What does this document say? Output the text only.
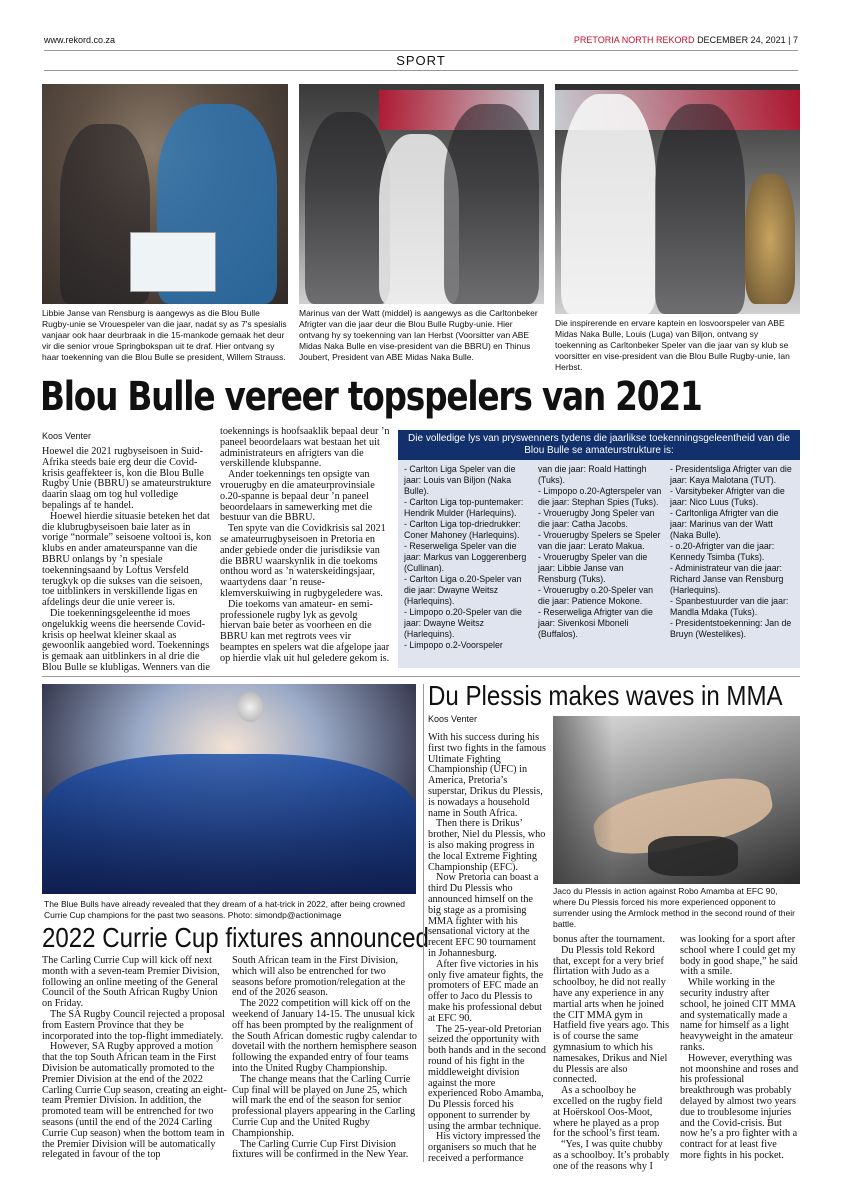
www.rekord.co.za	PRETORIA NORTH REKORD DECEMBER 24, 2021 | 7
SPORT
Libbie Janse van Rensburg is aangewys as die Blou Bulle Rugby-unie se Vrouespeler van die jaar, nadat sy as 7's spesialis vanjaar ook haar deurbraak in die 15-mankode gemaak het deur vir die senior vroue Springbokspan uit te draf. Hier ontvang sy haar toekenning van die Blou Bulle se president, Willem Strauss.
Marinus van der Watt (middel) is aangewys as die Carltonbeker Afrigter van die jaar deur die Blou Bulle Rugby-unie. Hier ontvang hy sy toekenning van Ian Herbst (Voorsitter van ABE Midas Naka Bulle en vise-president van die BBRU) en Thinus Joubert, President van ABE Midas Naka Bulle.
Die inspirerende en ervare kaptein en losvoorspeler van ABE Midas Naka Bulle, Louis (Luga) van Biljon, ontvang sy toekenning as Carltonbeker Speler van die jaar van sy klub se voorsitter en vise-president van die Blou Bulle Rugby-unie, Ian Herbst.
Blou Bulle vereer topspelers van 2021
Koos Venter

Hoewel die 2021 rugbyseisoen in Suid-Afrika steeds baie erg deur die Covid-krisis geaffekteer is, kon die Blou Bulle Rugby Unie (BBRU) se amateurstrukture daarin slaag om tog hul volledige bepalings af te handel.

Hoewel hierdie situasie beteken het dat die klubrugbyseisoen baie later as in vorige “normale” seisoene voltooi is, kon klubs en ander amateurspanne van die BBRU onlangs by ’n spesiale toekenningsaand by Loftus Versfeld terugkyk op die sukses van die seisoen, toe uitblinkers in verskillende ligas en afdelings deur die unie vereer is.

Die toekenningsgeleenthe id moes ongelukkig weens die heersende Covid-krisis op heelwat kleiner skaal as gewoonlik aangebied word. Toekennings is gemaak aan uitblinkers in al drie die Blou Bulle se klubligas. Wenners van die

toekennings is hoofsaaklik bepaal deur ’n paneel beoordelaars wat bestaan het uit administrateurs en afrigters van die verskillende klubspanne.

Ander toekennings ten opsigte van vrouerugby en die amateurprovinsiale o.20-spanne is bepaal deur ’n paneel beoordelaars in samewerking met die bestuur van die BBRU.

Ten spyte van die Covidkrisis sal 2021 se amateurrugbyseisoen in Pretoria en ander gebiede onder die jurisdiksie van die BBRU waarskynlik in die toekoms onthou word as ’n waterskeidingsjaar, waartydens daar ’n reuse-klemverskuiwing in rugbygeledere was.

Die toekoms van amateur- en semi-professionele rugby lyk as gevolg hiervan baie beter as voorheen en die BBRU kan met regtrots vees vir beamptes en spelers wat die afgelope jaar op hierdie vlak uit hul geledere gekom is.

Die volledige lys van pryswenners tydens die jaarlikse toekenningsgeleentheid van die Blou Bulle se amateurstrukture is:
- Carlton Liga Speler van die jaar: Louis van Biljon (Naka Bulle).
- Carlton Liga top-puntemaker: Hendrik Mulder (Harlequins).
- Carlton Liga top-driedrukker: Coner Mahoney (Harlequins).
- Reserweliga Speler van die jaar: Markus van Loggerenberg (Cullinan).
- Carlton Liga o.20-Speler van die jaar: Dwayne Weitsz (Harlequins).
- Limpopo o.20-Speler van die jaar: Dwayne Weitsz (Harlequins).
- Limpopo o.2-Voorspeler
van die jaar: Roald Hattingh (Tuks).
- Limpopo o.20-Agterspeler van die jaar: Stephan Spies (Tuks).
- Vrouerugby Jong Speler van die jaar: Catha Jacobs.
- Vrouerugby Spelers se Speler van die jaar: Lerato Makua.
- Vrouerugby Speler van die jaar: Libbie Janse van Rensburg (Tuks).
- Vrouerugby o.20-Speler van die jaar: Patience Mokone.
- Reserweliga Afrigter van die jaar: Sivenkosi Mboneli (Buffalos).
- Presidentsliga Afrigter van die jaar: Kaya Malotana (TUT).
- Varsitybeker Afrigter van die jaar: Nico Luus (Tuks).
- Carltonliga Afrigter van die jaar: Marinus van der Watt (Naka Bulle).
- o.20-Afrigter van die jaar: Kennedy Tsimba (Tuks).
- Administrateur van die jaar: Richard Janse van Rensburg (Harlequins).
- Spanbestuurder van die jaar: Mandla Mdaka (Tuks).
- Presidentstoekenning: Jan de Bruyn (Westelikes).
The Blue Bulls have already revealed that they dream of a hat-trick in 2022, after being crowned Currie Cup champions for the past two seasons. Photo: simondp@actionimage
2022 Currie Cup fixtures announced

The Carling Currie Cup will kick off next month with a seven-team Premier Division, following an online meeting of the General Council of the South African Rugby Union on Friday.

The SA Rugby Council rejected a proposal from Eastern Province that they be incorporated into the top-flight immediately.

However, SA Rugby approved a motion that the top South African team in the First Division be automatically promoted to the Premier Division at the end of the 2022 Carling Currie Cup season, creating an eight-team Premier Division. In addition, the promoted team will be entrenched for two seasons (until the end of the 2024 Carling Currie Cup season) when the bottom team in the Premier Division will be automatically relegated in favour of the top

South African team in the First Division, which will also be entrenched for two seasons before promotion/relegation at the end of the 2026 season.

The 2022 competition will kick off on the weekend of January 14-15. The unusual kick off has been prompted by the realignment of the South African domestic rugby calendar to dovetail with the northern hemisphere season following the expanded entry of four teams into the United Rugby Championship.

The change means that the Carling Currie Cup final will be played on June 25, which will mark the end of the season for senior professional players appearing in the Carling Currie Cup and the United Rugby Championship.

The Carling Currie Cup First Division fixtures will be confirmed in the New Year.

Du Plessis makes waves in MMA
Koos Venter

With his success during his first two fights in the famous Ultimate Fighting Championship (UFC) in America, Pretoria’s superstar, Drikus du Plessis, is nowadays a household name in South Africa.

Then there is Drikus’ brother, Niel du Plessis, who is also making progress in the local Extreme Fighting Championship (EFC).

Now Pretoria can boast a third Du Plessis who announced himself on the big stage as a promising MMA fighter with his sensational victory at the recent EFC 90 tournament in Johannesburg.

After five victories in his only five amateur fights, the promoters of EFC made an offer to Jaco du Plessis to make his professional debut at EFC 90.

The 25-year-old Pretorian seized the opportunity with both hands and in the second round of his fight in the middleweight division against the more experienced Robo Amamba, Du Plessis forced his opponent to surrender by using the armbar technique.

His victory impressed the organisers so much that he received a performance

Jaco du Plessis in action against Robo Amamba at EFC 90, where Du Plessis forced his more experienced opponent to surrender using the Armlock method in the second round of their battle.

bonus after the tournament.

Du Plessis told Rekord that, except for a very brief flirtation with Judo as a schoolboy, he did not really have any experience in any martial arts when he joined the CIT MMA gym in Hatfield five years ago. This is of course the same gymnasium to which his namesakes, Drikus and Niel du Plessis are also connected.

As a schoolboy he excelled on the rugby field at Hoërskool Oos-Moot, where he played as a prop for the school’s first team.

“Yes, I was quite chubby as a schoolboy. It’s probably one of the reasons why I

was looking for a sport after school where I could get my body in good shape,” he said with a smile.

While working in the security industry after school, he joined CIT MMA and systematically made a name for himself as a light heavyweight in the amateur ranks.

However, everything was not moonshine and roses and his professional breakthrough was probably delayed by almost two years due to troublesome injuries and the Covid-crisis. But now he’s a pro fighter with a contract for at least five more fights in his pocket.
